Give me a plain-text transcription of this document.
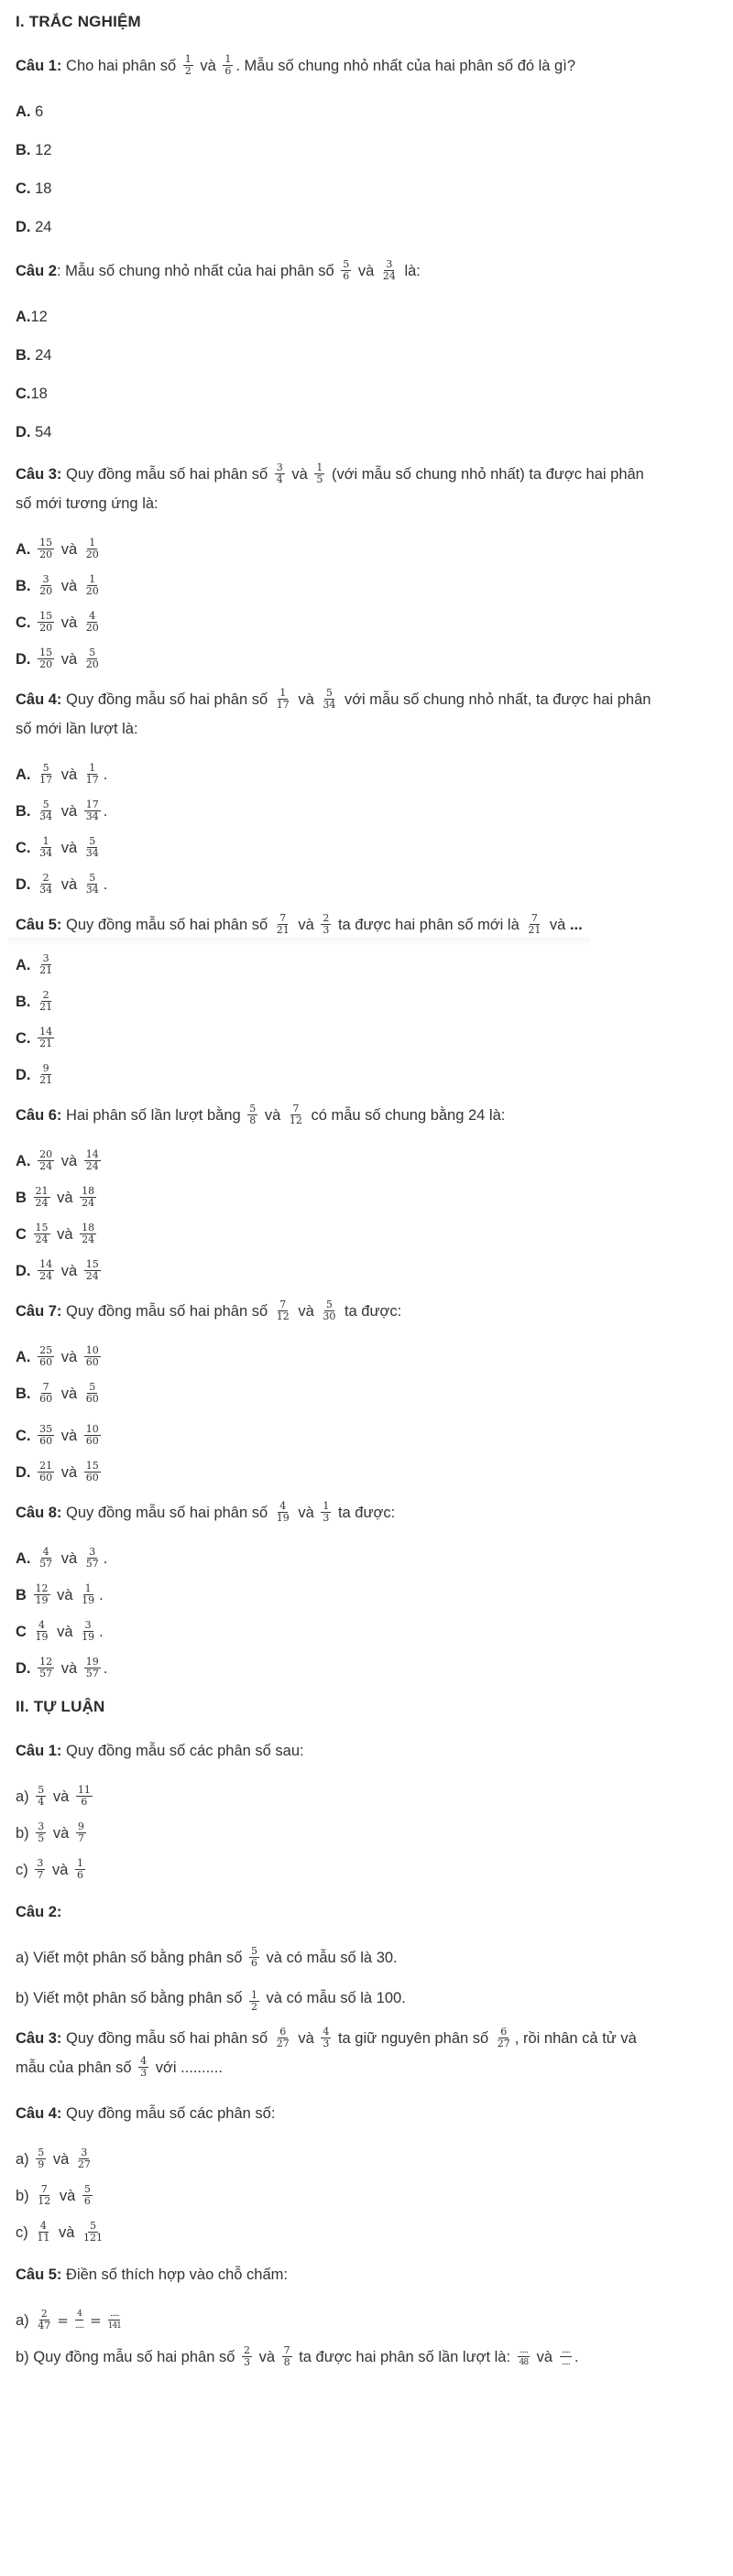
I. TRẮC NGHIỆM

Câu 1: Cho hai phân số $\frac{1}{2}$ và $\frac{1}{6}$ . Mẫu số chung nhỏ nhất của hai phân số đó là gì?

A. 6
B. 12
C. 18
D. 24

Câu 2: Mẫu số chung nhỏ nhất của hai phân số $\frac{5}{6}$ và $\frac{3}{24}$ là:

A.12
B. 24
C.18
D. 54

Câu 3: Quy đồng mẫu số hai phân số $\frac{3}{4}$ và $\frac{1}{5}$ (với mẫu số chung nhỏ nhất) ta được hai phân số mới tương ứng là:

A. $\frac{15}{20}$ và $\frac{1}{20}$
B. $\frac{3}{20}$ và $\frac{1}{20}$
C. $\frac{15}{20}$ và $\frac{4}{20}$
D. $\frac{15}{20}$ và $\frac{5}{20}$

Câu 4: Quy đồng mẫu số hai phân số $\frac{1}{17}$ và $\frac{5}{34}$ với mẫu số chung nhỏ nhất, ta được hai phân số mới lần lượt là:

A. $\frac{5}{17}$ và $\frac{1}{17}$ .
B. $\frac{5}{34}$ và $\frac{17}{34}$ .
C. $\frac{1}{34}$ và $\frac{5}{34}$
D. $\frac{2}{34}$ và $\frac{5}{34}$ .

Câu 5: Quy đồng mẫu số hai phân số $\frac{7}{21}$ và $\frac{2}{3}$ ta được hai phân số mới là $\frac{7}{21}$ và ...

A. $\frac{3}{21}$
B. $\frac{2}{21}$
C. $\frac{14}{21}$
D. $\frac{9}{21}$

Câu 6: Hai phân số lần lượt bằng $\frac{5}{8}$ và $\frac{7}{12}$ có mẫu số chung bằng 24 là:

A. $\frac{20}{24}$ và $\frac{14}{24}$
B $\frac{21}{24}$ và $\frac{18}{24}$
C $\frac{15}{24}$ và $\frac{18}{24}$
D. $\frac{14}{24}$ và $\frac{15}{24}$

Câu 7: Quy đồng mẫu số hai phân số $\frac{7}{12}$ và $\frac{5}{30}$ ta được:

A. $\frac{25}{60}$ và $\frac{10}{60}$
B. $\frac{7}{60}$ và $\frac{5}{60}$
C. $\frac{35}{60}$ và $\frac{10}{60}$
D. $\frac{21}{60}$ và $\frac{15}{60}$

Câu 8: Quy đồng mẫu số hai phân số $\frac{4}{19}$ và $\frac{1}{3}$ ta được:

A. $\frac{4}{57}$ và $\frac{3}{57}$ .
B $\frac{12}{19}$ và $\frac{1}{19}$ .
C $\frac{4}{19}$ và $\frac{3}{19}$ .
D. $\frac{12}{57}$ và $\frac{19}{57}$ .
II. TỰ LUẬN

Câu 1: Quy đồng mẫu số các phân số sau:

$a) \frac{5}{4}$ và $\frac{11}{6}$
$b) \frac{3}{5}$ và $\frac{9}{7}$
$c) \frac{3}{7}$ và $\frac{1}{6}$

Câu 2:

a) Viết một phân số bằng phân số $\frac{5}{6}$ và có mẫu số là 30.

b) Viết một phân số bằng phân số $\frac{1}{2}$ và có mẫu số là 100.

Câu 3: Quy đồng mẫu số hai phân số $\frac{6}{27}$ và $\frac{4}{3}$ ta giữ nguyên phân số $\frac{6}{27}$ , rồi nhân cả tử và mẫu của phân số $\frac{4}{3}$ với ..........

Câu 4: Quy đồng mẫu số các phân số:

$a) \frac{5}{9}$ và $\frac{3}{27}$
$b) \frac{7}{12}$ và $\frac{5}{6}$
$c) \frac{4}{11}$ và $\frac{5}{121}$

Câu 5: Điền số thích hợp vào chỗ chấm:

$a) \frac{2}{47} = \frac{4}{.....} = \frac{.....}{141}$

b) Quy đồng mẫu số hai phân số $\frac{2}{3}$ và $\frac{7}{8}$ ta được hai phân số lần lượt là: $\frac{.....}{48}$ và $\frac{.....}{.....}$ .
